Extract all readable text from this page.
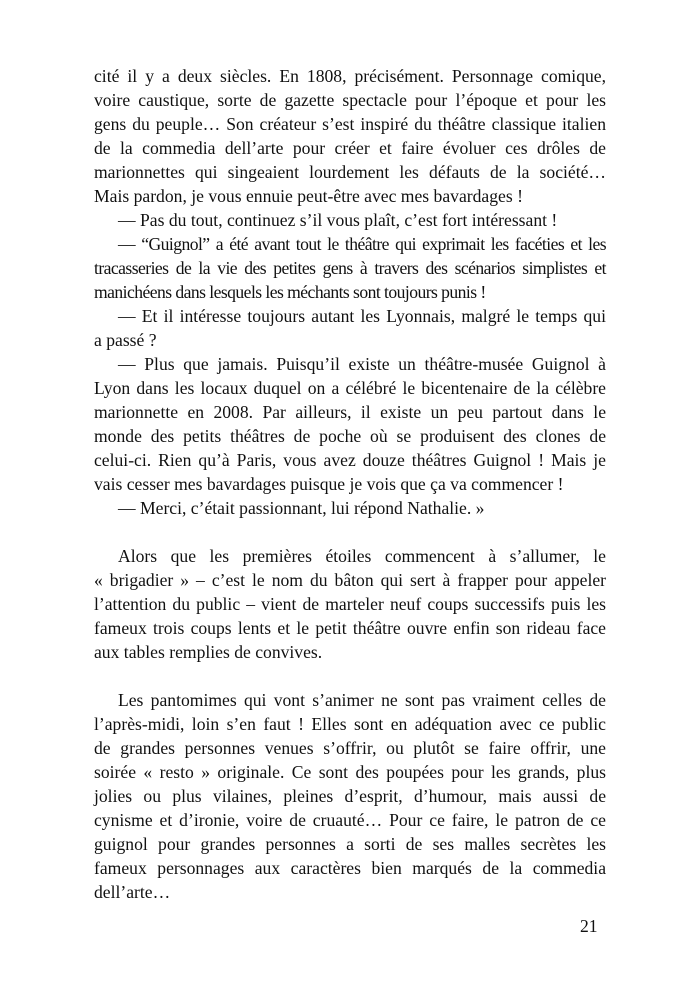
cité il y a deux siècles. En 1808, précisément. Personnage comique,
voire caustique, sorte de gazette spectacle pour l’époque et pour les
gens du peuple… Son créateur s’est inspiré du théâtre classique italien
de la commedia dell’arte pour créer et faire évoluer ces drôles de
marionnettes qui singeaient lourdement les défauts de la société…
Mais pardon, je vous ennuie peut-être avec mes bavardages !
— Pas du tout, continuez s’il vous plaît, c’est fort intéressant !
— “Guignol” a été avant tout le théâtre qui exprimait les facéties et les
tracasseries de la vie des petites gens à travers des scénarios simplistes et
manichéens dans lesquels les méchants sont toujours punis !
— Et il intéresse toujours autant les Lyonnais, malgré le temps qui
a passé ?
— Plus que jamais. Puisqu’il existe un théâtre-musée Guignol à
Lyon dans les locaux duquel on a célébré le bicentenaire de la célèbre
marionnette en 2008. Par ailleurs, il existe un peu partout dans le
monde des petits théâtres de poche où se produisent des clones de
celui-ci. Rien qu’à Paris, vous avez douze théâtres Guignol ! Mais je
vais cesser mes bavardages puisque je vois que ça va commencer !
— Merci, c’était passionnant, lui répond Nathalie. »
Alors que les premières étoiles commencent à s’allumer, le
« brigadier » – c’est le nom du bâton qui sert à frapper pour appeler
l’attention du public – vient de marteler neuf coups successifs puis les
fameux trois coups lents et le petit théâtre ouvre enfin son rideau face
aux tables remplies de convives.
Les pantomimes qui vont s’animer ne sont pas vraiment celles de
l’après-midi, loin s’en faut ! Elles sont en adéquation avec ce public
de grandes personnes venues s’offrir, ou plutôt se faire offrir, une
soirée « resto » originale. Ce sont des poupées pour les grands, plus
jolies ou plus vilaines, pleines d’esprit, d’humour, mais aussi de
cynisme et d’ironie, voire de cruauté… Pour ce faire, le patron de ce
guignol pour grandes personnes a sorti de ses malles secrètes les
fameux personnages aux caractères bien marqués de la commedia
dell’arte…
21
